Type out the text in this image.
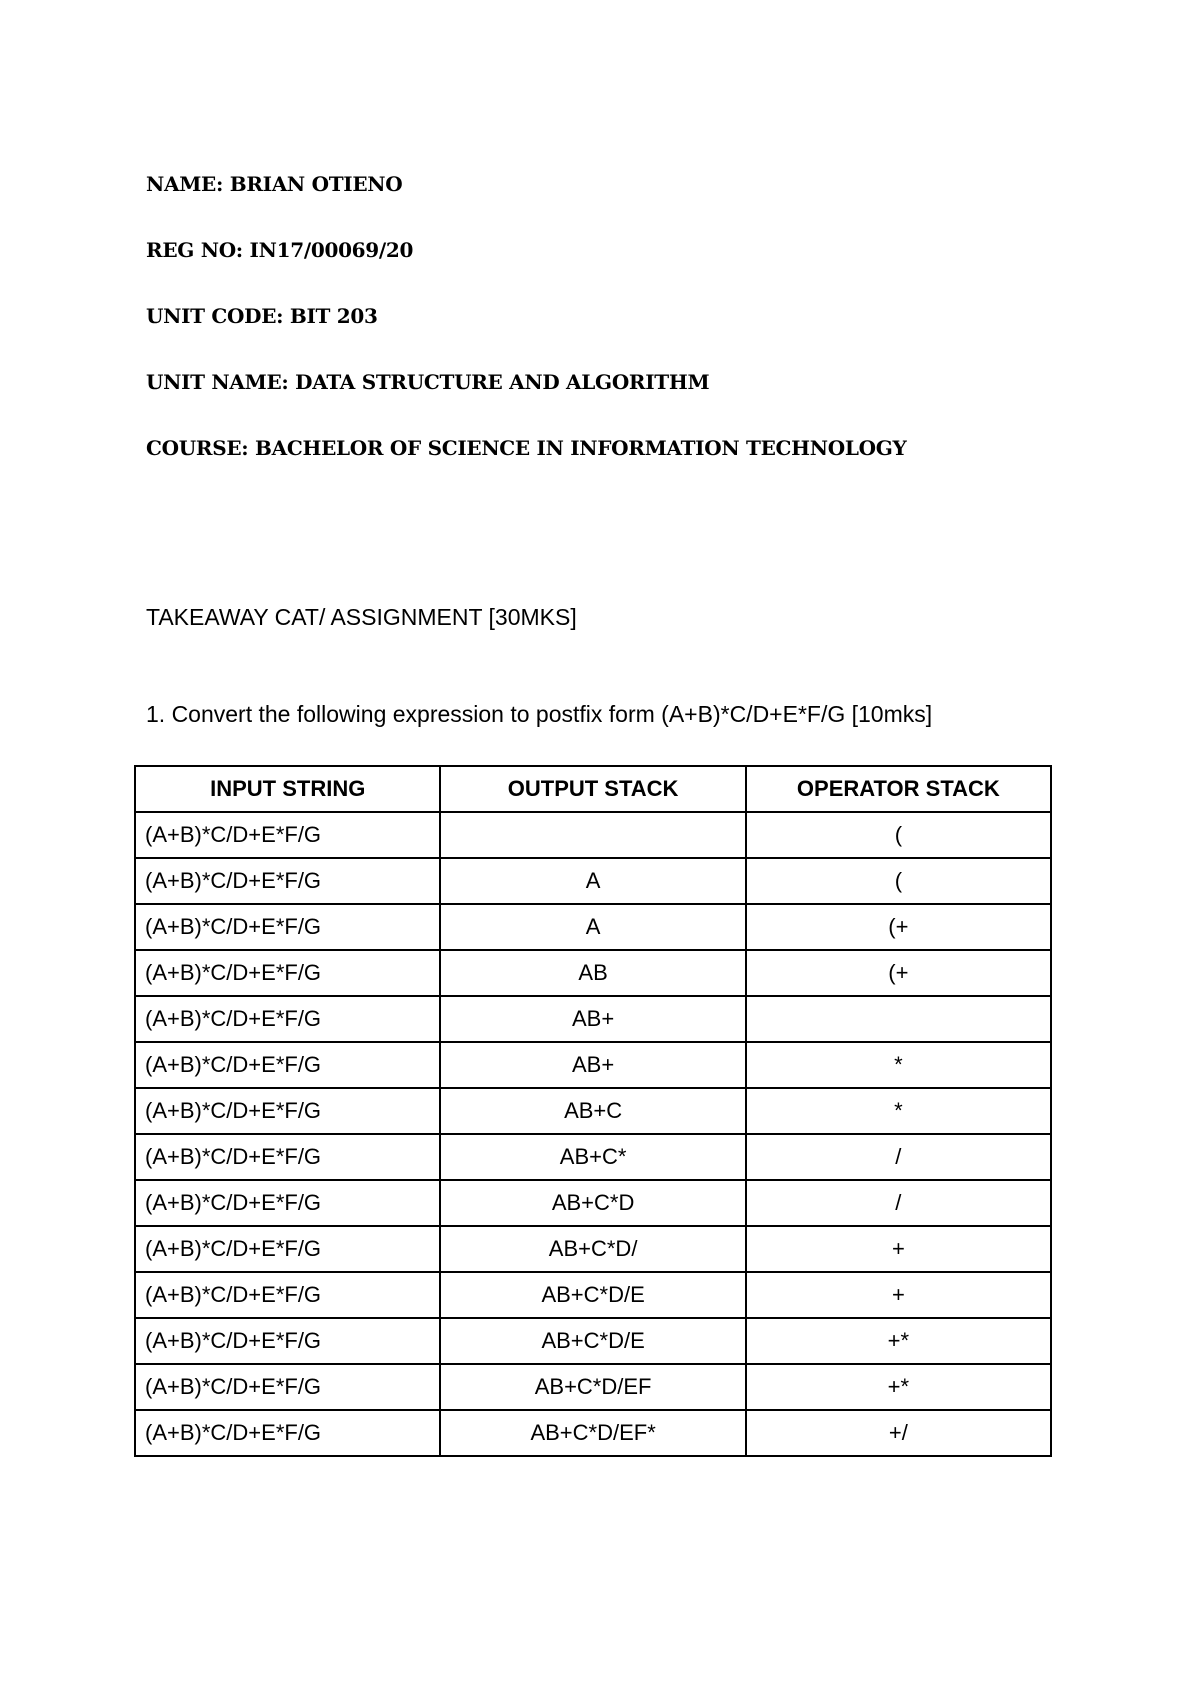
NAME: BRIAN OTIENO
REG NO: IN17/00069/20
UNIT CODE: BIT 203
UNIT NAME: DATA STRUCTURE AND ALGORITHM
COURSE: BACHELOR OF SCIENCE IN INFORMATION TECHNOLOGY
TAKEAWAY CAT/ ASSIGNMENT [30MKS]
1. Convert the following expression to postfix form (A+B)*C/D+E*F/G [10mks]
INPUT STRING	OUTPUT STACK	OPERATOR STACK
(A+B)*C/D+E*F/G		(
(A+B)*C/D+E*F/G	A	(
(A+B)*C/D+E*F/G	A	(+
(A+B)*C/D+E*F/G	AB	(+
(A+B)*C/D+E*F/G	AB+	
(A+B)*C/D+E*F/G	AB+	*
(A+B)*C/D+E*F/G	AB+C	*
(A+B)*C/D+E*F/G	AB+C*	/
(A+B)*C/D+E*F/G	AB+C*D	/
(A+B)*C/D+E*F/G	AB+C*D/	+
(A+B)*C/D+E*F/G	AB+C*D/E	+
(A+B)*C/D+E*F/G	AB+C*D/E	+*
(A+B)*C/D+E*F/G	AB+C*D/EF	+*
(A+B)*C/D+E*F/G	AB+C*D/EF*	+/
